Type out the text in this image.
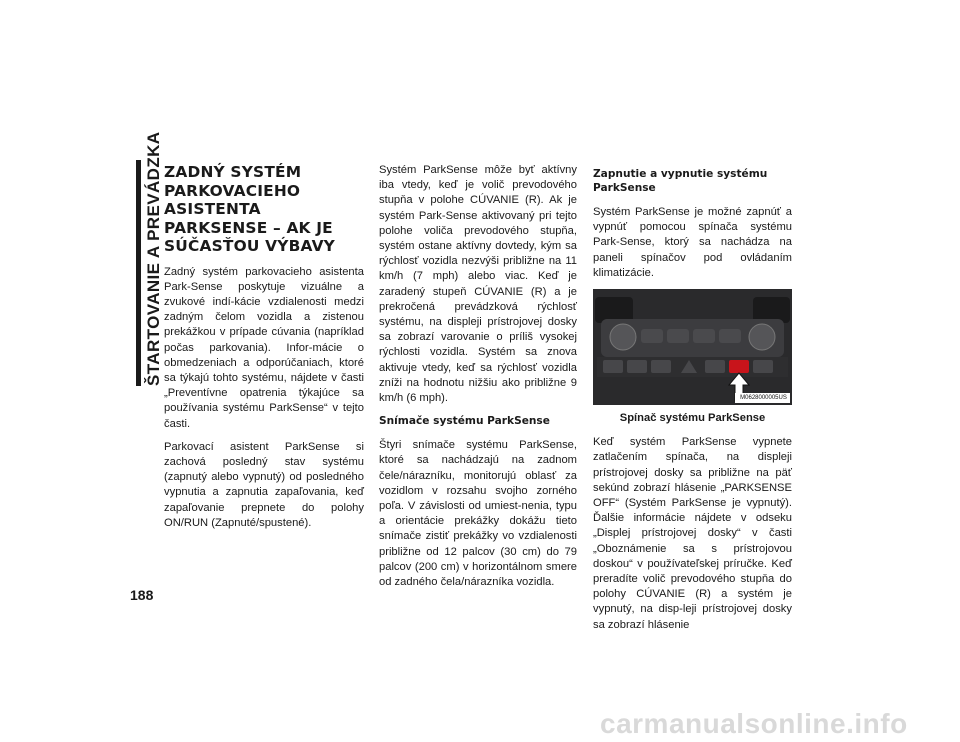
ŠTARTOVANIE A PREVÁDZKA ZADNÝ SYSTÉM PARKOVACIEHO ASISTENTA PARKSENSE – AK JE SÚČASŤOU VÝBAVY

Zadný systém parkovacieho asistenta Park-Sense poskytuje vizuálne a zvukové indí-kácie vzdialenosti medzi zadným čelom vozidla a zistenou prekážkou v prípade cúvania (napríklad počas parkovania). Infor-mácie o obmedzeniach a odporúčaniach, ktoré sa týkajú tohto systému, nájdete v časti „Preventívne opatrenia týkajúce sa používania systému ParkSense“ v tejto časti.

Parkovací asistent ParkSense si zachová posledný stav systému (zapnutý alebo vypnutý) od posledného vypnutia a zapnutia zapaľovania, keď zapaľovanie prepnete do polohy ON/RUN (Zapnuté/spustené).

Systém ParkSense môže byť aktívny iba vtedy, keď je volič prevodového stupňa v polohe CÚVANIE (R). Ak je systém Park-Sense aktivovaný pri tejto polohe voliča prevodového stupňa, systém ostane aktívny dovtedy, kým sa rýchlosť vozidla nezvýši približne na 11 km/h (7 mph) alebo viac. Keď je zaradený stupeň CÚVANIE (R) a je prekročená prevádzková rýchlosť systému, na displeji prístrojovej dosky sa zobrazí varovanie o príliš vysokej rýchlosti vozidla. Systém sa znova aktivuje vtedy, keď sa rýchlosť vozidla zníži na hodnotu nižšiu ako približne 9 km/h (6 mph).

Snímače systému ParkSense

Štyri snímače systému ParkSense, ktoré sa nachádzajú na zadnom čele/nárazníku, monitorujú oblasť za vozidlom v rozsahu svojho zorného poľa. V závislosti od umiest-nenia, typu a orientácie prekážky dokážu tieto snímače zistiť prekážky vo vzdialenosti približne od 12 palcov (30 cm) do 79 palcov (200 cm) v horizontálnom smere od zadného čela/nárazníka vozidla.

Zapnutie a vypnutie systému ParkSense

Systém ParkSense je možné zapnúť a vypnúť pomocou spínača systému Park-Sense, ktorý sa nachádza na paneli spínačov pod ovládaním klimatizácie.

M0628000005US
Spínač systému ParkSense

Keď systém ParkSense vypnete zatlačením spínača, na displeji prístrojovej dosky sa približne na päť sekúnd zobrazí hlásenie „PARKSENSE OFF“ (Systém ParkSense je vypnutý). Ďalšie informácie nájdete v odseku „Displej prístrojovej dosky“ v časti „Oboznámenie sa s prístrojovou doskou“ v používateľskej príručke. Keď preradíte volič prevodového stupňa do polohy CÚVANIE (R) a systém je vypnutý, na disp-leji prístrojovej dosky sa zobrazí hlásenie

188
carmanualsonline.info
